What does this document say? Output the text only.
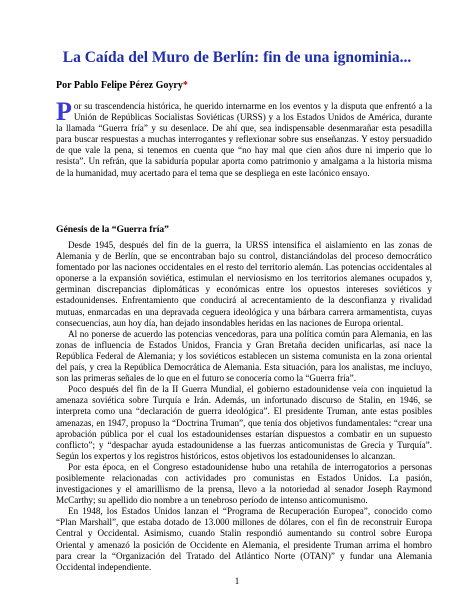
La Caída del Muro de Berlín: fin de una ignominia...
Por Pablo Felipe Pérez Goyry*

Por su trascendencia histórica, he querido internarme en los eventos y la disputa que enfrentó a la Unión de Repúblicas Socialistas Soviéticas (URSS) y a los Estados Unidos de América, durante la llamada “Guerra fría” y su desenlace. De ahí que, sea indispensable desenmarañar esta pesadilla para buscar respuestas a muchas interrogantes y reflexionar sobre sus enseñanzas. Y estoy persuadido de que vale la pena, si tenemos en cuenta que “no hay mal que cien años dure ni imperio que lo resista”. Un refrán, que la sabiduría popular aporta como patrimonio y amalgama a la historia misma de la humanidad, muy acertado para el tema que se despliega en este lacónico ensayo.

Génesis de la “Guerra fría”

Desde 1945, después del fin de la guerra, la URSS intensifica el aislamiento en las zonas de Alemania y de Berlín, que se encontraban bajo su control, distanciándolas del proceso democrático fomentado por las naciones occidentales en el resto del territorio alemán. Las potencias occidentales al oponerse a la expansión soviética, estimulan el nerviosismo en los territorios alemanes ocupados y, germinan discrepancias diplomáticas y económicas entre los opuestos intereses soviéticos y estadounidenses. Enfrentamiento que conducirá al acrecentamiento de la desconfianza y rivalidad mutuas, enmarcadas en una depravada ceguera ideológica y una bárbara carrera armamentista, cuyas consecuencias, aun hoy día, han dejado insondables heridas en las naciones de Europa oriental.

Al no ponerse de acuerdo las potencias vencedoras, para una política común para Alemania, en las zonas de influencia de Estados Unidos, Francia y Gran Bretaña deciden unificarlas, así nace la República Federal de Alemania; y los soviéticos establecen un sistema comunista en la zona oriental del país, y crea la República Democrática de Alemania. Esta situación, para los analistas, me incluyo, son las primeras señales de lo que en el futuro se conocería como la “Guerra fría”.

Poco después del fin de la II Guerra Mundial, el gobierno estadounidense veía con inquietud la amenaza soviética sobre Turquía e Irán. Además, un infortunado discurso de Stalin, en 1946, se interpreta como una “declaración de guerra ideológica”. El presidente Truman, ante estas posibles amenazas, en 1947, propuso la “Doctrina Truman”, que tenía dos objetivos fundamentales: “crear una aprobación pública por el cual los estadounidenses estarían dispuestos a combatir en un supuesto conflicto”; y “despachar ayuda estadounidense a las fuerzas anticomunistas de Grecia y Turquía”. Según los expertos y los registros históricos, estos objetivos los estadounidenses lo alcanzan.

Por esta época, en el Congreso estadounidense hubo una retahíla de interrogatorios a personas posiblemente relacionadas con actividades pro comunistas en Estados Unidos. La pasión, investigaciones y el amarillismo de la prensa, llevo a la notoriedad al senador Joseph Raymond McCarthy; su apellido dio nombre a un tenebroso período de intenso anticomunismo.

En 1948, los Estados Unidos lanzan el “Programa de Recuperación Europea”, conocido como “Plan Marshall”, que estaba dotado de 13.000 millones de dólares, con el fin de reconstruir Europa Central y Occidental. Asimismo, cuando Stalin respondió aumentando su control sobre Europa Oriental y amenazó la posición de Occidente en Alemania, el presidente Truman arrima el hombro para crear la “Organización del Tratado del Atlántico Norte (OTAN)” y fundar una Alemania Occidental independiente.

1
